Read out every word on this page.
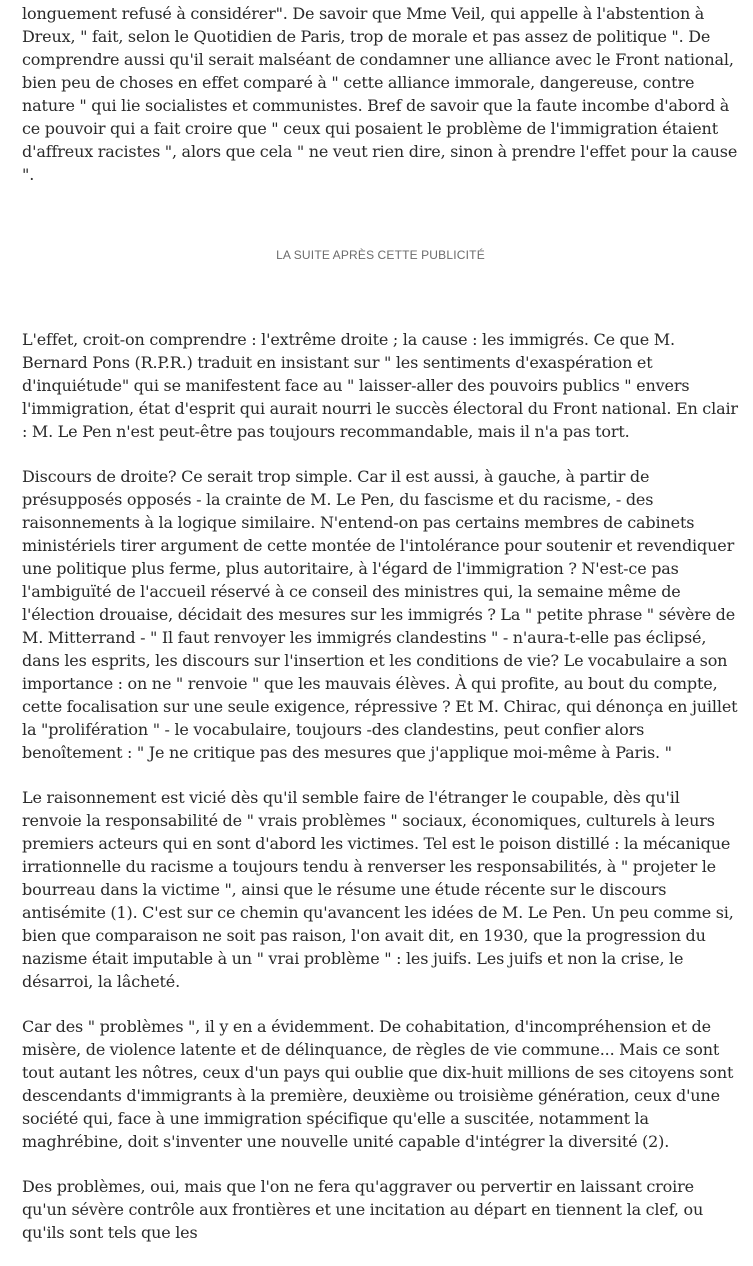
longuement refusé à considérer". De savoir que Mme Veil, qui appelle à l'abstention à Dreux, " fait, selon le Quotidien de Paris, trop de morale et pas assez de politique ". De comprendre aussi qu'il serait malséant de condamner une alliance avec le Front national, bien peu de choses en effet comparé à " cette alliance immorale, dangereuse, contre nature " qui lie socialistes et communistes. Bref de savoir que la faute incombe d'abord à ce pouvoir qui a fait croire que " ceux qui posaient le problème de l'immigration étaient d'affreux racistes ", alors que cela " ne veut rien dire, sinon à prendre l'effet pour la cause ".

LA SUITE APRÈS CETTE PUBLICITÉ

L'effet, croit-on comprendre : l'extrême droite ; la cause : les immigrés. Ce que M. Bernard Pons (R.P.R.) traduit en insistant sur " les sentiments d'exaspération et d'inquiétude" qui se manifestent face au " laisser-aller des pouvoirs publics " envers l'immigration, état d'esprit qui aurait nourri le succès électoral du Front national. En clair : M. Le Pen n'est peut-être pas toujours recommandable, mais il n'a pas tort.

Discours de droite? Ce serait trop simple. Car il est aussi, à gauche, à partir de présupposés opposés - la crainte de M. Le Pen, du fascisme et du racisme, - des raisonnements à la logique similaire. N'entend-on pas certains membres de cabinets ministériels tirer argument de cette montée de l'intolérance pour soutenir et revendiquer une politique plus ferme, plus autoritaire, à l'égard de l'immigration ? N'est-ce pas l'ambiguïté de l'accueil réservé à ce conseil des ministres qui, la semaine même de l'élection drouaise, décidait des mesures sur les immigrés ? La " petite phrase " sévère de M. Mitterrand - " Il faut renvoyer les immigrés clandestins " - n'aura-t-elle pas éclipsé, dans les esprits, les discours sur l'insertion et les conditions de vie? Le vocabulaire a son importance : on ne " renvoie " que les mauvais élèves. À qui profite, au bout du compte, cette focalisation sur une seule exigence, répressive ? Et M. Chirac, qui dénonça en juillet la "prolifération " - le vocabulaire, toujours -des clandestins, peut confier alors benoîtement : " Je ne critique pas des mesures que j'applique moi-même à Paris. "

Le raisonnement est vicié dès qu'il semble faire de l'étranger le coupable, dès qu'il renvoie la responsabilité de " vrais problèmes " sociaux, économiques, culturels à leurs premiers acteurs qui en sont d'abord les victimes. Tel est le poison distillé : la mécanique irrationnelle du racisme a toujours tendu à renverser les responsabilités, à " projeter le bourreau dans la victime ", ainsi que le résume une étude récente sur le discours antisémite (1). C'est sur ce chemin qu'avancent les idées de M. Le Pen. Un peu comme si, bien que comparaison ne soit pas raison, l'on avait dit, en 1930, que la progression du nazisme était imputable à un " vrai problème " : les juifs. Les juifs et non la crise, le désarroi, la lâcheté.

Car des " problèmes ", il y en a évidemment. De cohabitation, d'incompréhension et de misère, de violence latente et de délinquance, de règles de vie commune... Mais ce sont tout autant les nôtres, ceux d'un pays qui oublie que dix-huit millions de ses citoyens sont descendants d'immigrants à la première, deuxième ou troisième génération, ceux d'une société qui, face à une immigration spécifique qu'elle a suscitée, notamment la maghrébine, doit s'inventer une nouvelle unité capable d'intégrer la diversité (2).

Des problèmes, oui, mais que l'on ne fera qu'aggraver ou pervertir en laissant croire qu'un sévère contrôle aux frontières et une incitation au départ en tiennent la clef, ou qu'ils sont tels que les
